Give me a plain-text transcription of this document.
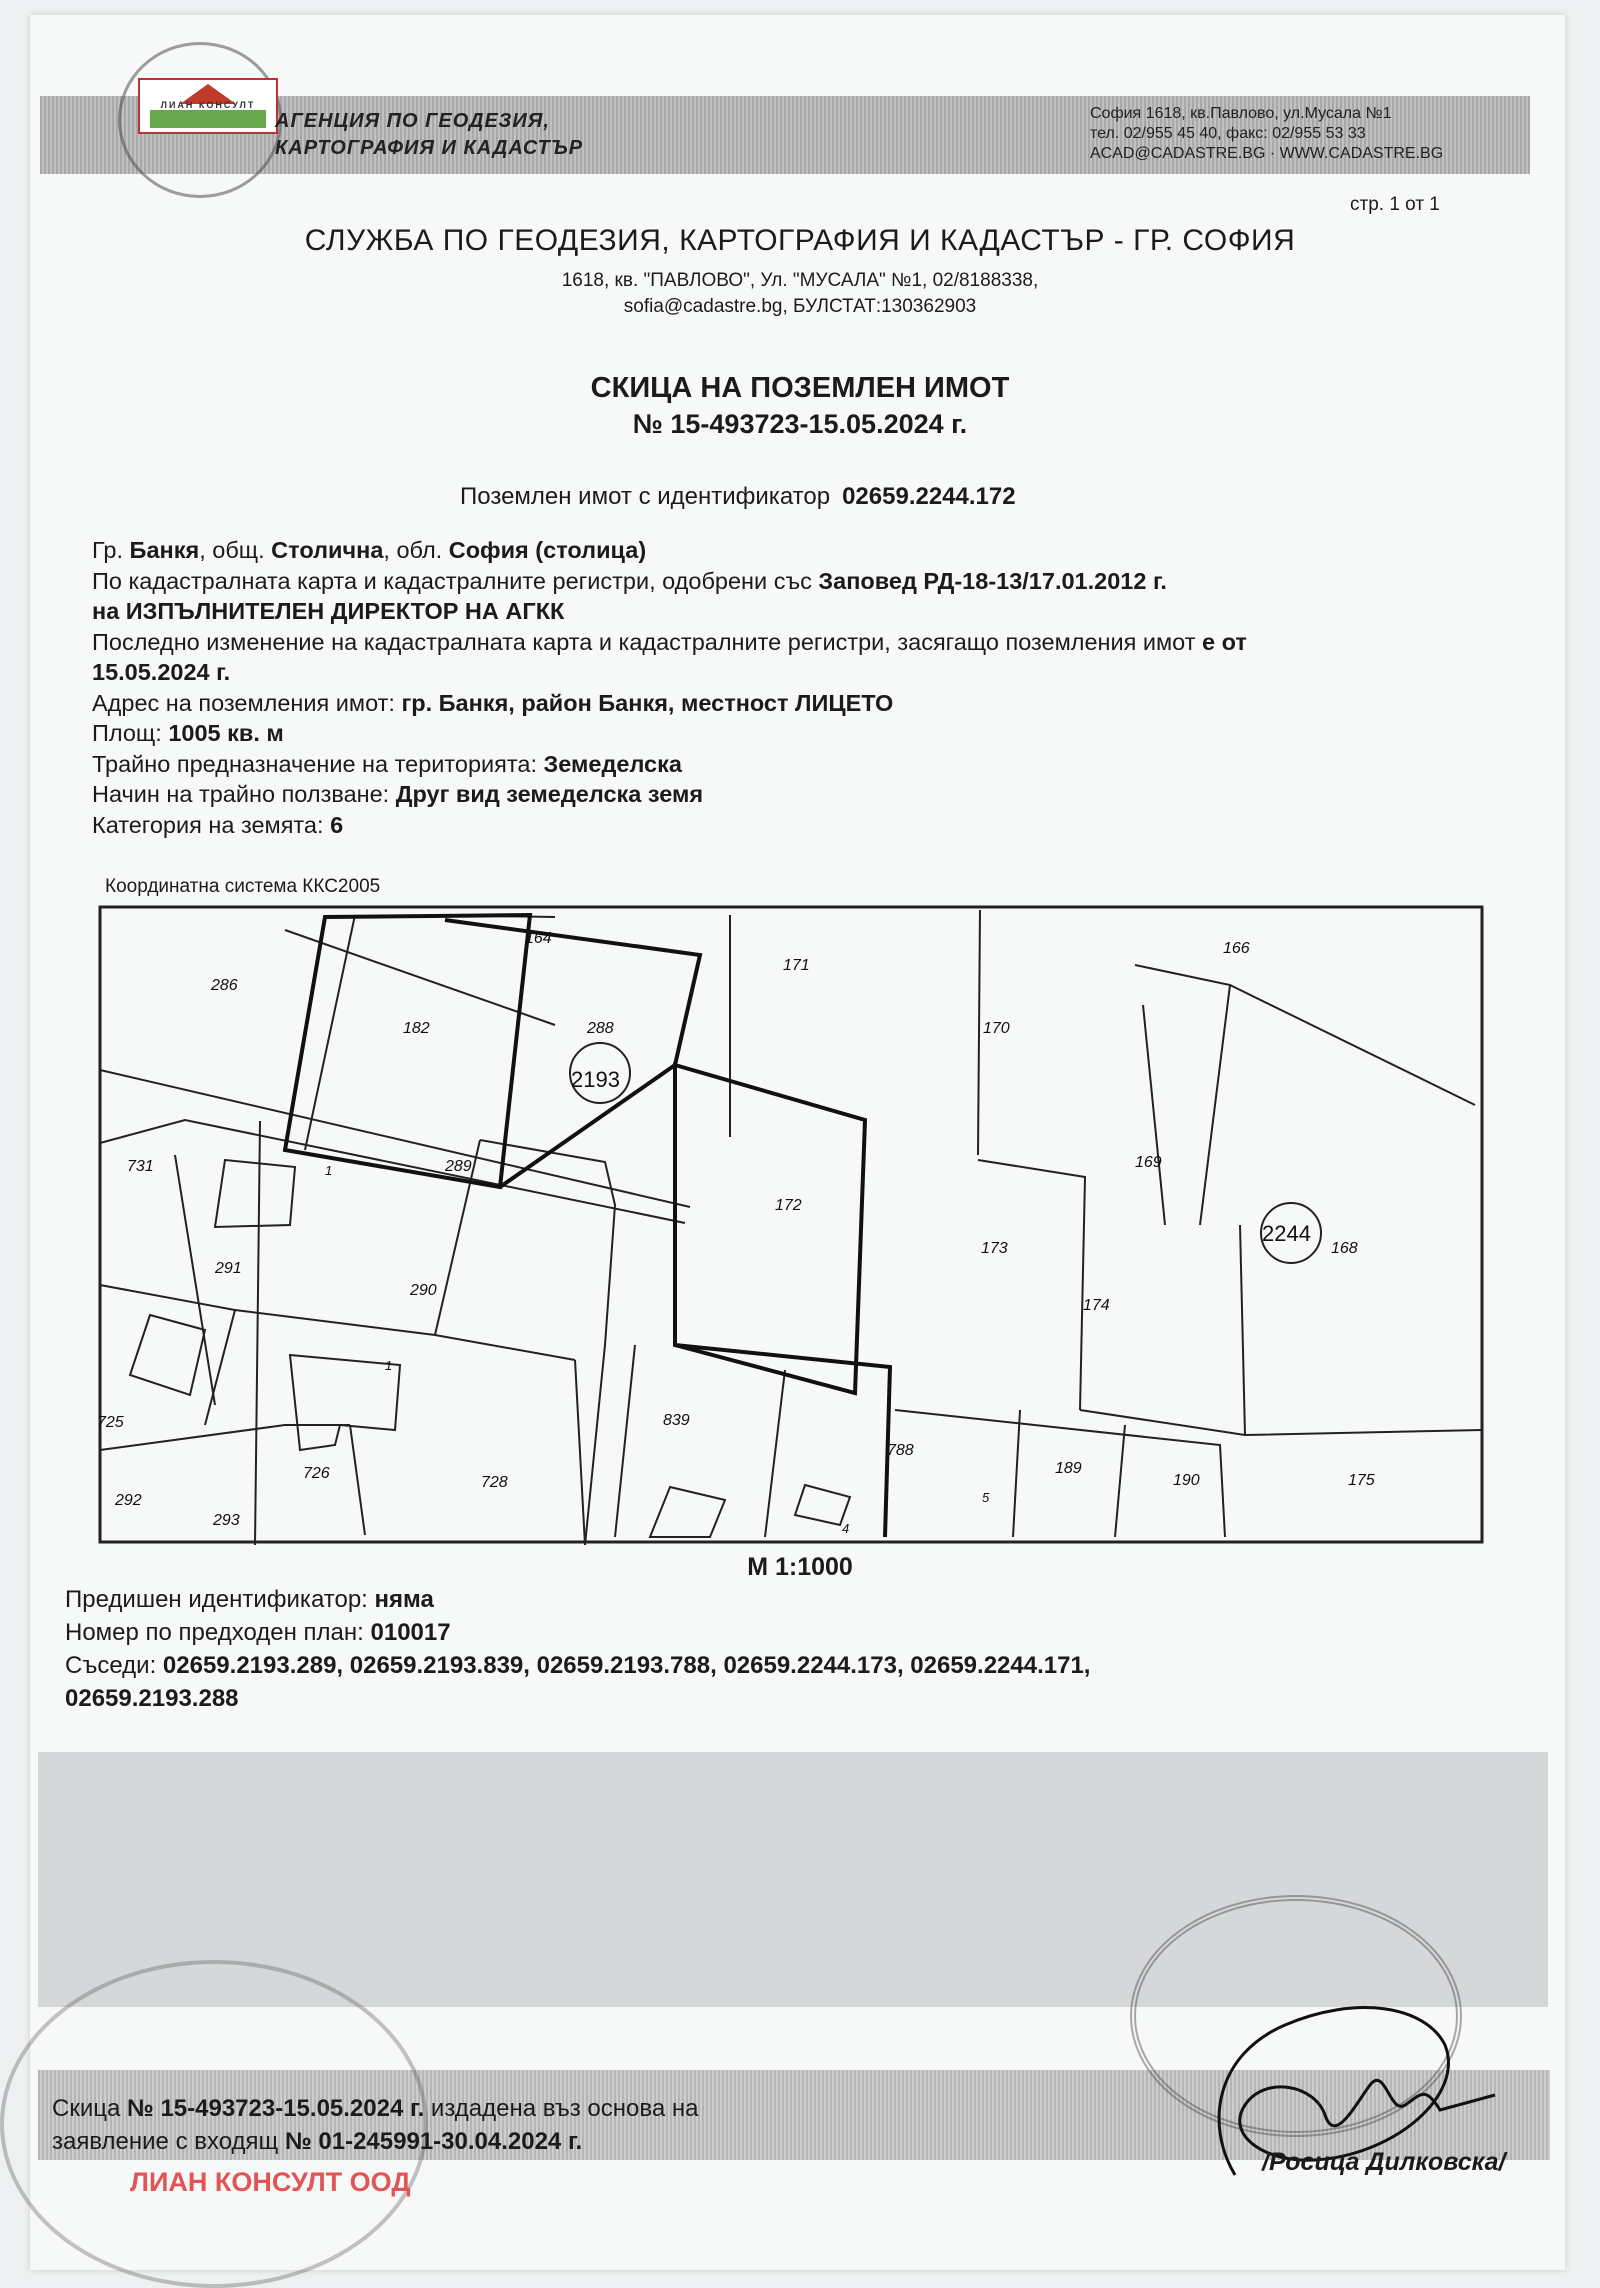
ЛИАН КОНСУЛТ
АГЕНЦИЯ ПО ГЕОДЕЗИЯ,
КАРТОГРАФИЯ И КАДАСТЪР
София 1618, кв.Павлово, ул.Мусала №1
тел. 02/955 45 40, факс: 02/955 53 33
ACAD@CADASTRE.BG · WWW.CADASTRE.BG
стр. 1 от 1
СЛУЖБА ПО ГЕОДЕЗИЯ, КАРТОГРАФИЯ И КАДАСТЪР - ГР. СОФИЯ
1618, кв. "ПАВЛОВО", Ул. "МУСАЛА" №1, 02/8188338,
sofia@cadastre.bg, БУЛСТАТ:130362903
СКИЦА НА ПОЗЕМЛЕН ИМОТ
№ 15-493723-15.05.2024 г.
Поземлен имот с идентификатор 02659.2244.172

Гр. Банкя, общ. Столична, обл. София (столица)

По кадастралната карта и кадастралните регистри, одобрени със Заповед РД-18-13/17.01.2012 г.

на ИЗПЪЛНИТЕЛЕН ДИРЕКТОР НА АГКК

Последно изменение на кадастралната карта и кадастралните регистри, засягащо поземления имот е от

15.05.2024 г.

Адрес на поземления имот: гр. Банкя, район Банкя, местност ЛИЦЕТО

Площ: 1005 кв. м

Трайно предназначение на територията: Земеделска

Начин на трайно ползване: Друг вид земеделска земя

Категория на земята: 6

Координатна система ККС2005
164
286
171
166
182	288	170
2193
731	1	289	169
172
2244
168
291
173
290
174
1
725	839
788
189
190	175
726
728
292
293	4
5
М 1:1000

Предишен идентификатор: няма

Номер по предходен план: 010017

Съседи: 02659.2193.289, 02659.2193.839, 02659.2193.788, 02659.2244.173, 02659.2244.171,

02659.2193.288

Скица № 15-493723-15.05.2024 г. издадена въз основа на

заявление с входящ № 01-245991-30.04.2024 г.

ЛИАН КОНСУЛТ ООД
/Росица Дилковска/
